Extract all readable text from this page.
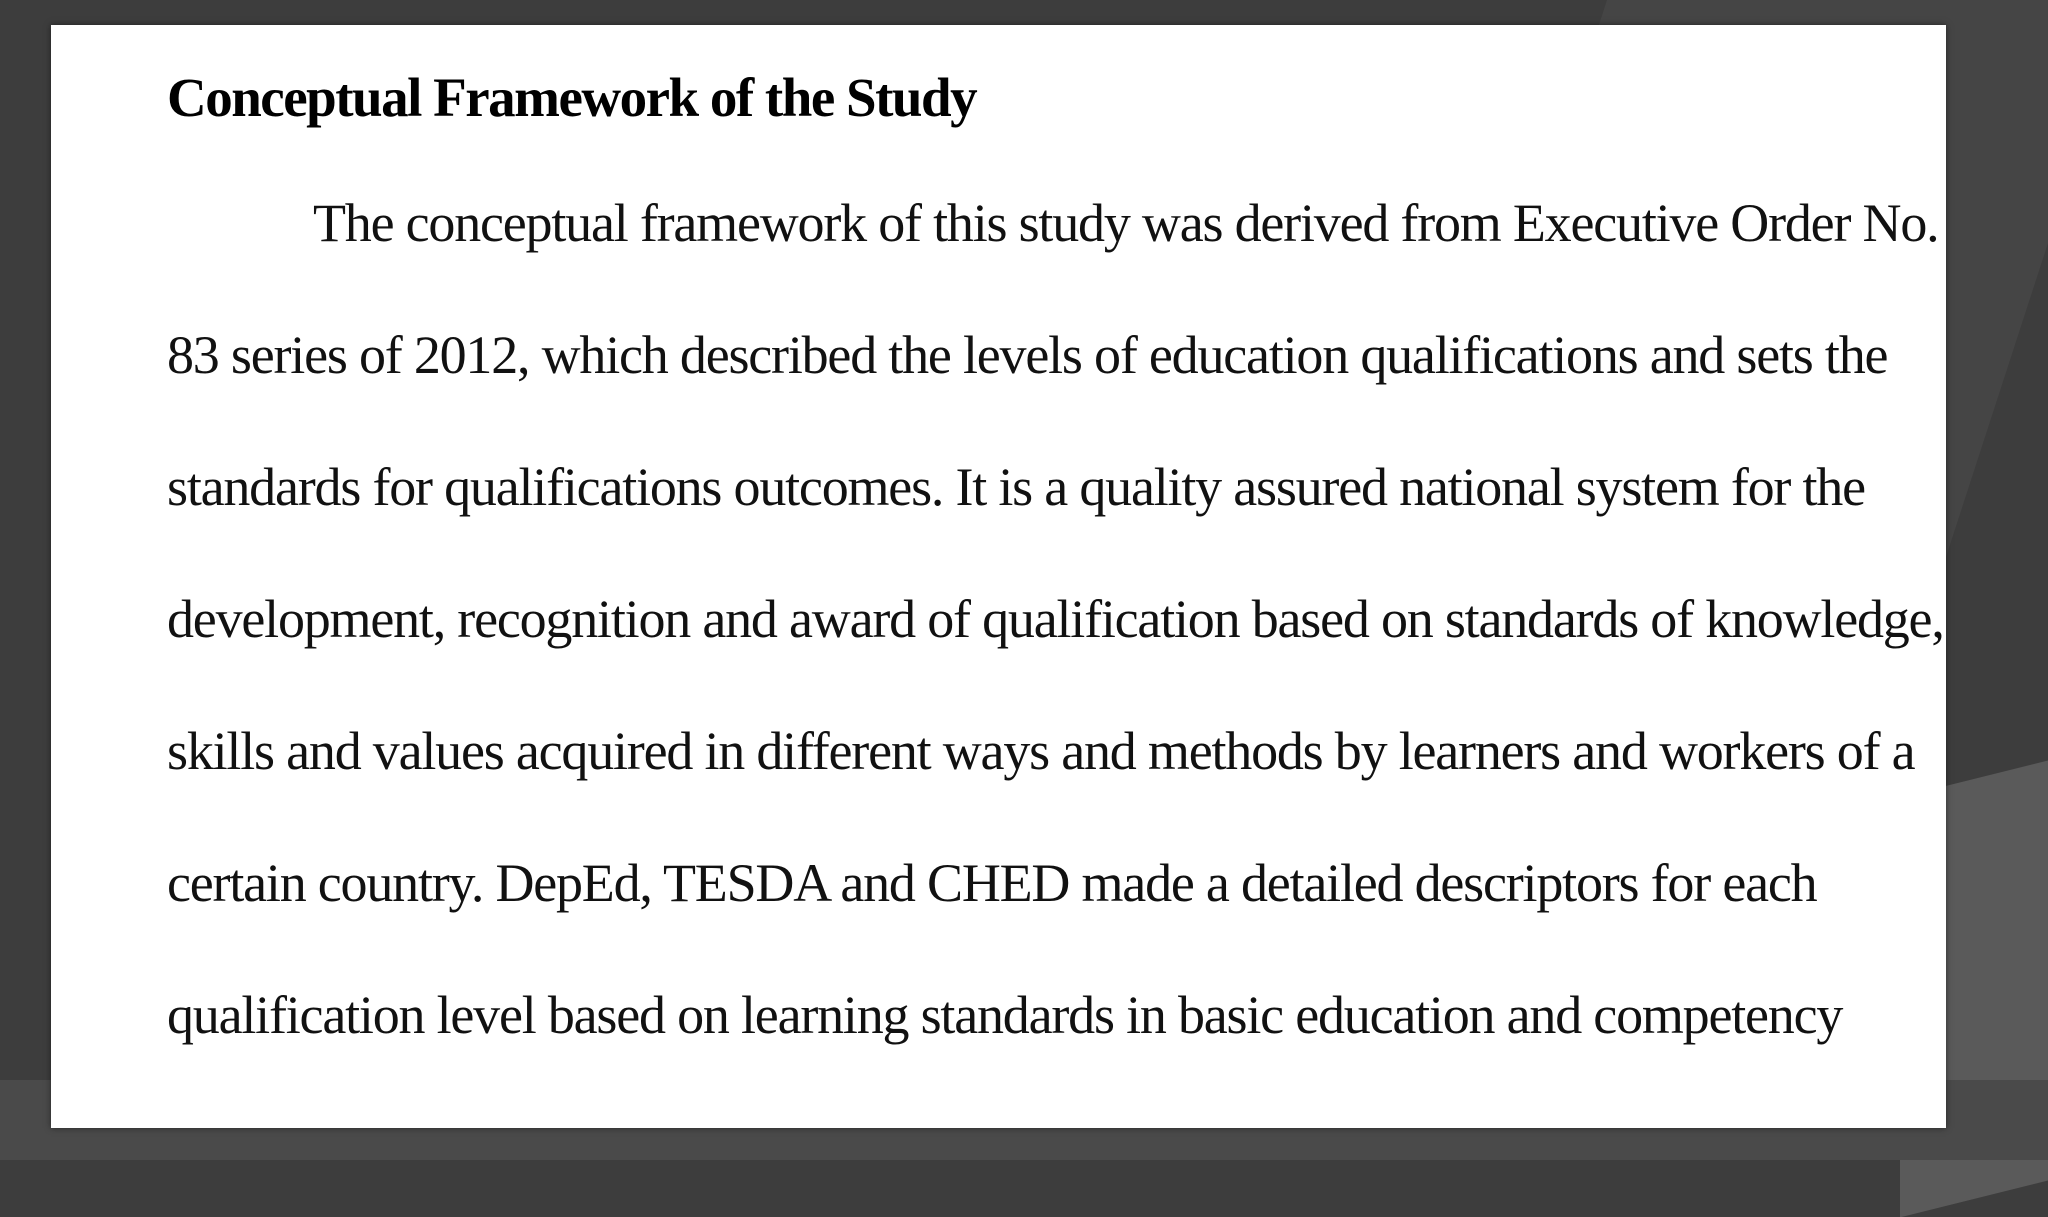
Conceptual Framework of the Study

The conceptual framework of this study was derived from Executive Order No.

83 series of 2012, which described the levels of education qualifications and sets the

standards for qualifications outcomes. It is a quality assured national system for the

development, recognition and award of qualification based on standards of knowledge,

skills and values acquired in different ways and methods by learners and workers of a

certain country. DepEd, TESDA and CHED made a detailed descriptors for each

qualification level based on learning standards in basic education and competency
